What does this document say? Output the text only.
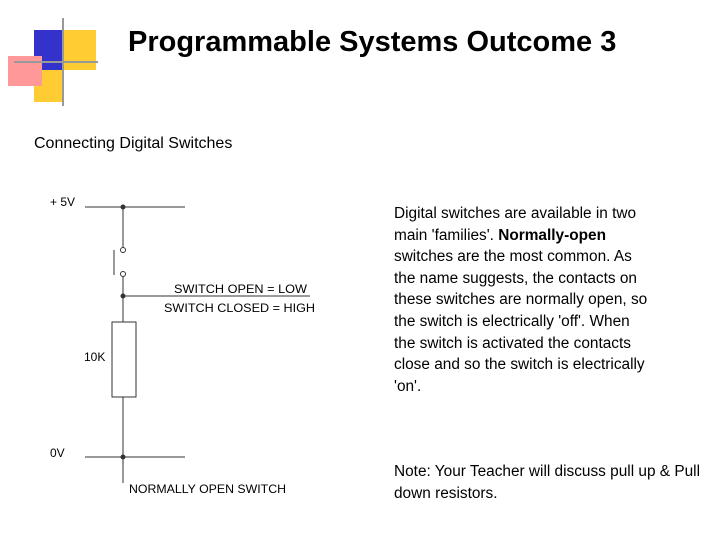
Programmable Systems Outcome 3
Connecting Digital Switches
+ 5V
0V
10K
SWITCH OPEN = LOW
SWITCH CLOSED = HIGH
NORMALLY OPEN SWITCH
Digital switches are available in two main 'families'. Normally-open switches are the most common. As the name suggests, the contacts on these switches are normally open, so the switch is electrically 'off'. When the switch is activated the contacts close and so the switch is electrically 'on'.
Note: Your Teacher will discuss pull up & Pull down resistors.
